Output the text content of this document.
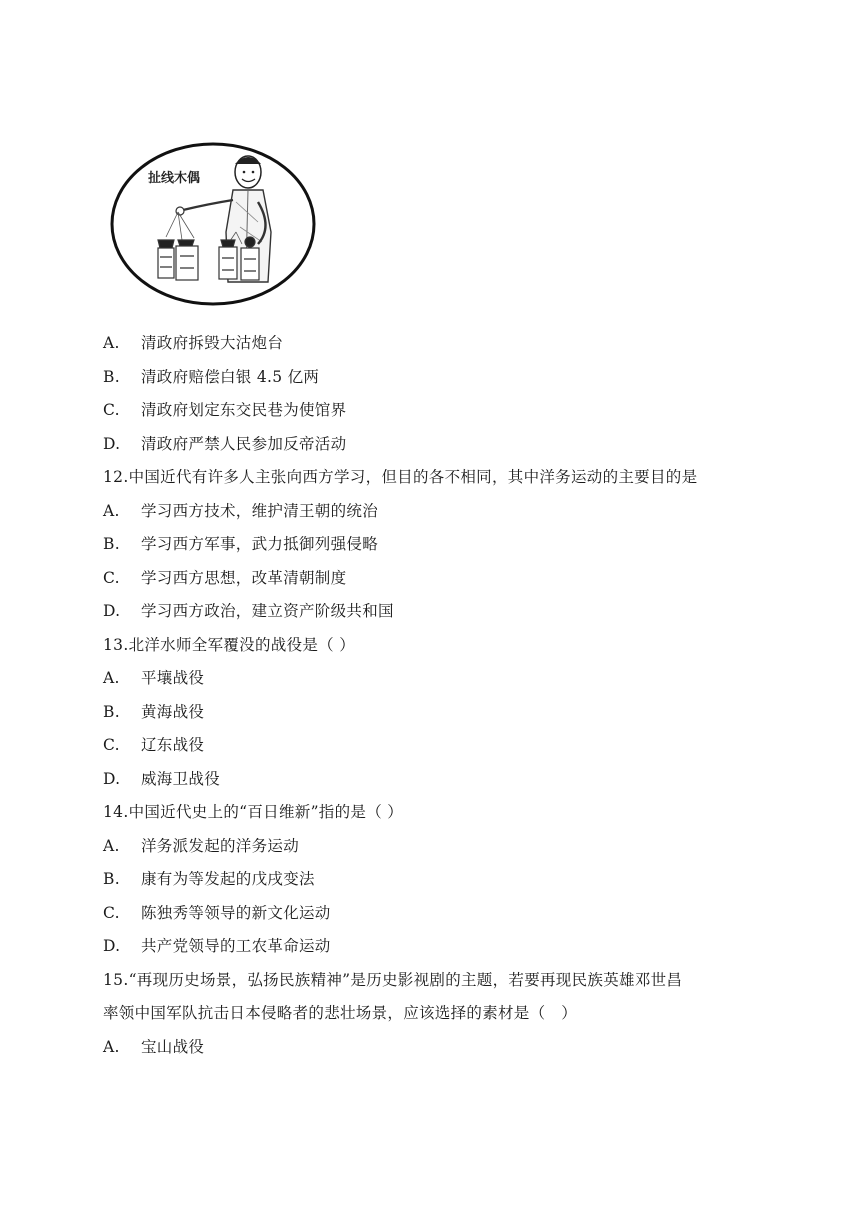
扯线木偶
A. 清政府拆毁大沽炮台
B. 清政府赔偿白银 4.5 亿两
C. 清政府划定东交民巷为使馆界
D. 清政府严禁人民参加反帝活动
12.中国近代有许多人主张向西方学习，但目的各不相同，其中洋务运动的主要目的是
A. 学习西方技术，维护清王朝的统治
B. 学习西方军事，武力抵御列强侵略
C. 学习西方思想，改革清朝制度
D. 学习西方政治，建立资产阶级共和国
13.北洋水师全军覆没的战役是（ ）
A. 平壤战役
B. 黄海战役
C. 辽东战役
D. 威海卫战役
14.中国近代史上的“百日维新”指的是（ ）
A. 洋务派发起的洋务运动
B. 康有为等发起的戊戌变法
C. 陈独秀等领导的新文化运动
D. 共产党领导的工农革命运动
15.“再现历史场景，弘扬民族精神”是历史影视剧的主题，若要再现民族英雄邓世昌
率领中国军队抗击日本侵略者的悲壮场景，应该选择的素材是（　）
A. 宝山战役
